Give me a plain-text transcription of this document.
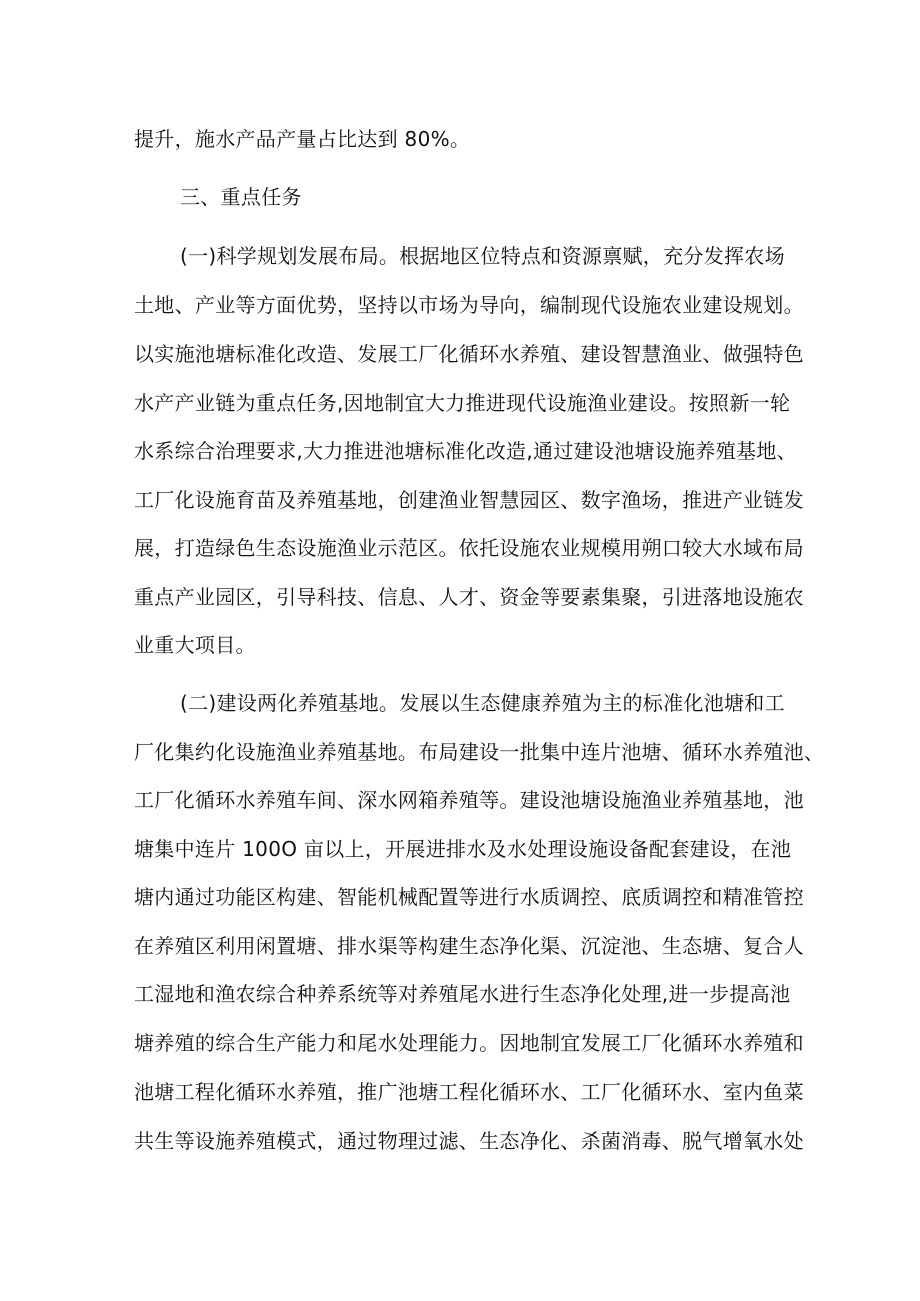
提升，施水产品产量占比达到 80%。
三、重点任务
(一)科学规划发展布局。根据地区位特点和资源禀赋，充分发挥农场
土地、产业等方面优势，坚持以市场为导向，编制现代设施农业建设规划。
以实施池塘标准化改造、发展工厂化循环水养殖、建设智慧渔业、做强特色
水产产业链为重点任务,因地制宜大力推进现代设施渔业建设。按照新一轮
水系综合治理要求,大力推进池塘标准化改造,通过建设池塘设施养殖基地、
工厂化设施育苗及养殖基地，创建渔业智慧园区、数字渔场，推进产业链发
展，打造绿色生态设施渔业示范区。依托设施农业规模用朔口较大水域布局
重点产业园区，引导科技、信息、人才、资金等要素集聚，引进落地设施农
业重大项目。
(二)建设两化养殖基地。发展以生态健康养殖为主的标准化池塘和工
厂化集约化设施渔业养殖基地。布局建设一批集中连片池塘、循环水养殖池、
工厂化循环水养殖车间、深水网箱养殖等。建设池塘设施渔业养殖基地，池
塘集中连片 100O 亩以上，开展进排水及水处理设施设备配套建设，在池
塘内通过功能区构建、智能机械配置等进行水质调控、底质调控和精准管控
在养殖区利用闲置塘、排水渠等构建生态净化渠、沉淀池、生态塘、复合人
工湿地和渔农综合种养系统等对养殖尾水进行生态净化处理,进一步提高池
塘养殖的综合生产能力和尾水处理能力。因地制宜发展工厂化循环水养殖和
池塘工程化循环水养殖，推广池塘工程化循环水、工厂化循环水、室内鱼菜
共生等设施养殖模式，通过物理过滤、生态净化、杀菌消毒、脱气增氧水处
